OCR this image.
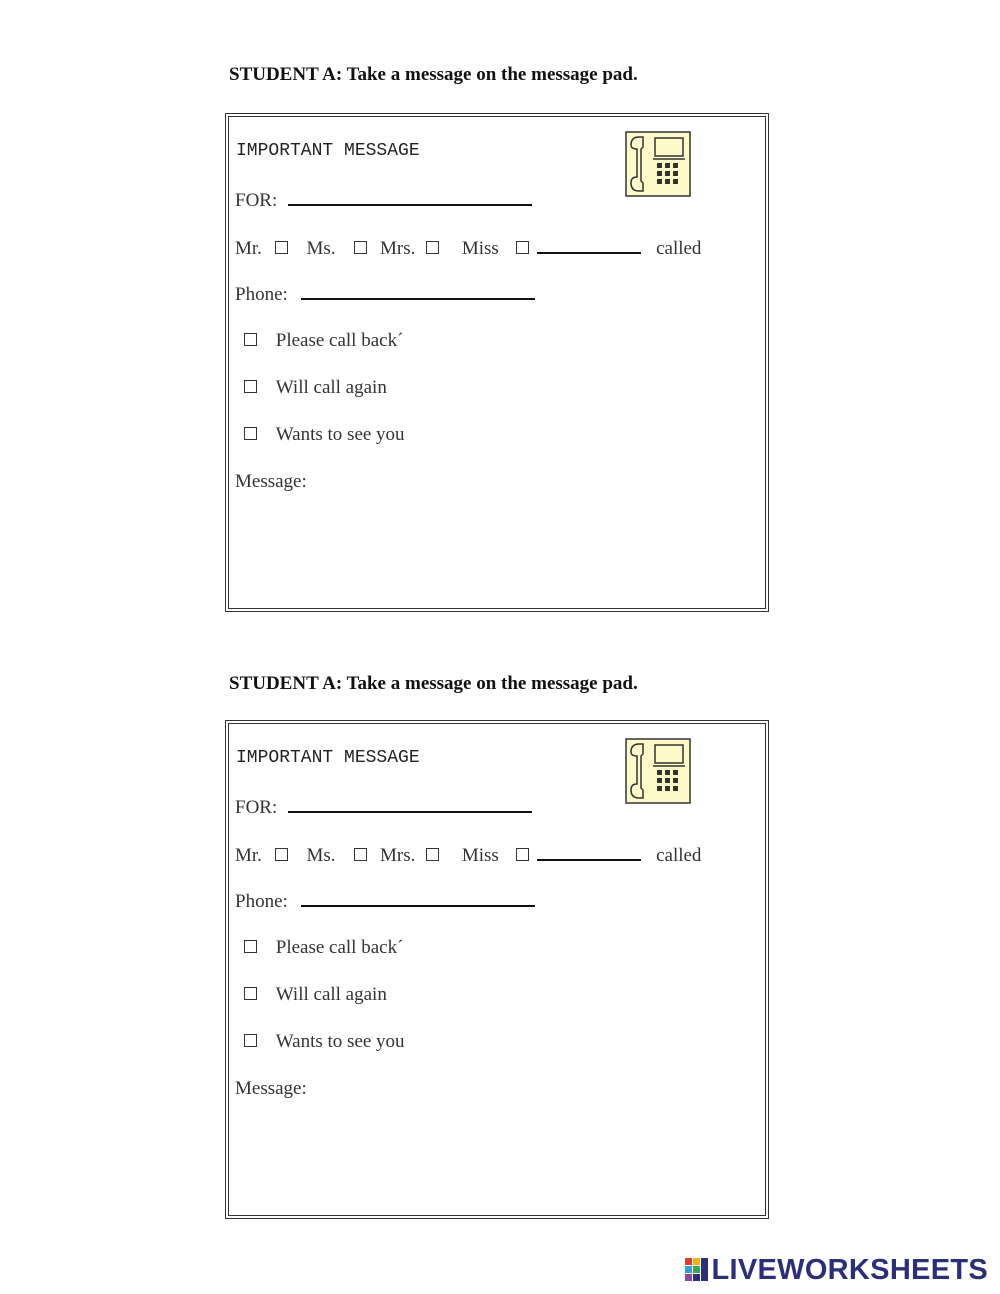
STUDENT A: Take a message on the message pad.
IMPORTANT MESSAGE
FOR:
Mr. Ms. Mrs. Miss	called
Phone:
Please call back´
Will call again
Wants to see you
Message:
STUDENT A: Take a message on the message pad.
IMPORTANT MESSAGE
FOR:
Mr. Ms. Mrs. Miss	called
Phone:
Please call back´
Will call again
Wants to see you
Message:
LIVEWORKSHEETS
